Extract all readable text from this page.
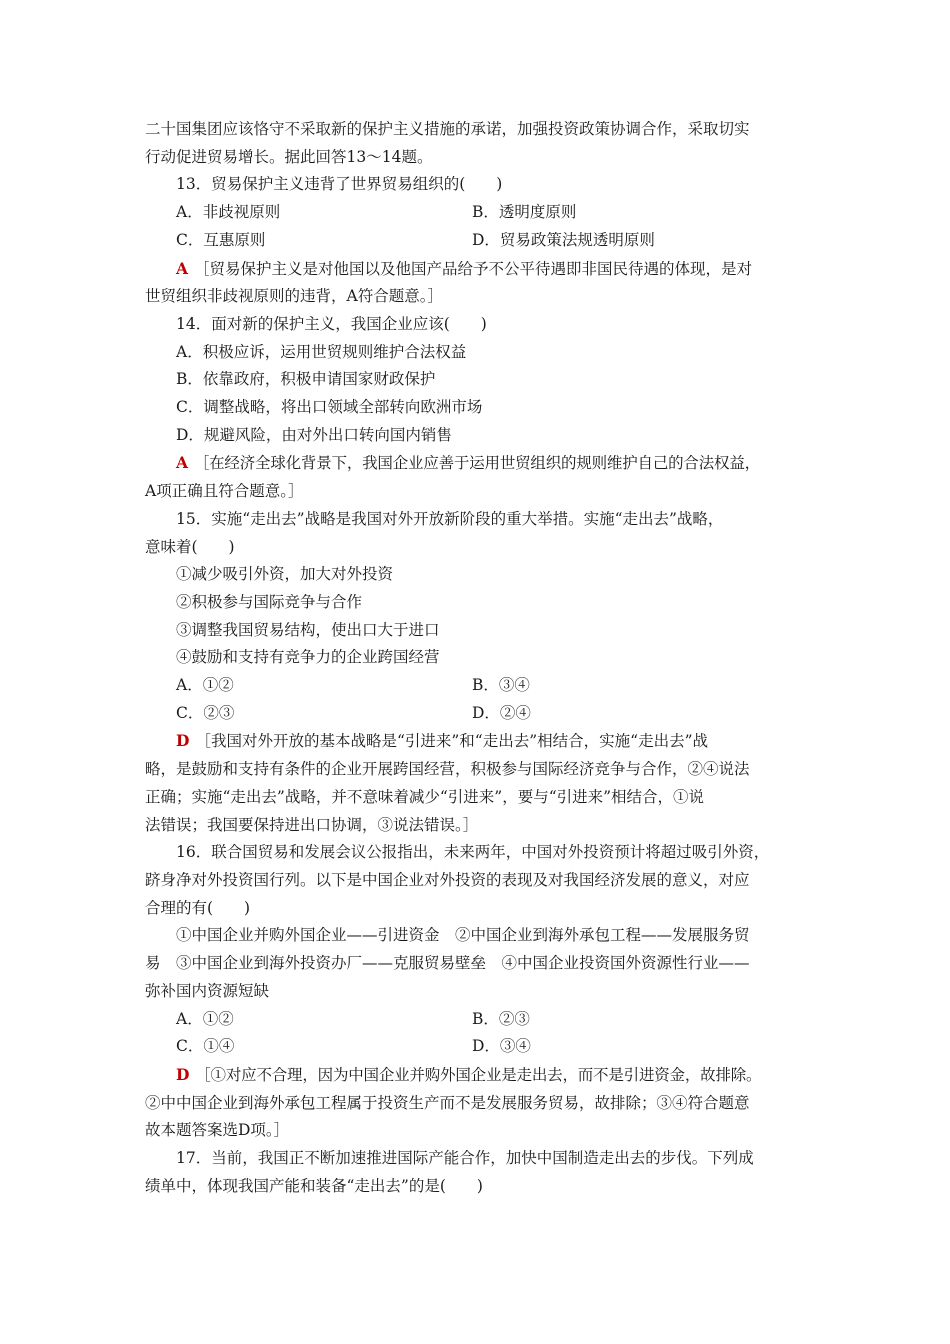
二十国集团应该恪守不采取新的保护主义措施的承诺，加强投资政策协调合作，采取切实
行动促进贸易增长。据此回答13～14题。
13．贸易保护主义违背了世界贸易组织的(　　)
A．非歧视原则	B．透明度原则
C．互惠原则	D．贸易政策法规透明原则
A ［贸易保护主义是对他国以及他国产品给予不公平待遇即非国民待遇的体现，是对
世贸组织非歧视原则的违背，A符合题意。］
14．面对新的保护主义，我国企业应该(　　)
A．积极应诉，运用世贸规则维护合法权益
B．依靠政府，积极申请国家财政保护
C．调整战略，将出口领域全部转向欧洲市场
D．规避风险，由对外出口转向国内销售
A ［在经济全球化背景下，我国企业应善于运用世贸组织的规则维护自己的合法权益，
A项正确且符合题意。］
15．实施“走出去”战略是我国对外开放新阶段的重大举措。实施“走出去”战略，
意味着(　　)
①减少吸引外资，加大对外投资
②积极参与国际竞争与合作
③调整我国贸易结构，使出口大于进口
④鼓励和支持有竞争力的企业跨国经营
A．①②	B．③④
C．②③	D．②④
D ［我国对外开放的基本战略是“引进来”和“走出去”相结合，实施“走出去”战
略，是鼓励和支持有条件的企业开展跨国经营，积极参与国际经济竞争与合作，②④说法
正确；实施“走出去”战略，并不意味着减少“引进来”，要与“引进来”相结合，①说
法错误；我国要保持进出口协调，③说法错误。］
16．联合国贸易和发展会议公报指出，未来两年，中国对外投资预计将超过吸引外资，
跻身净对外投资国行列。以下是中国企业对外投资的表现及对我国经济发展的意义，对应
合理的有(　　)
①中国企业并购外国企业——引进资金　②中国企业到海外承包工程——发展服务贸
易　③中国企业到海外投资办厂——克服贸易壁垒　④中国企业投资国外资源性行业——
弥补国内资源短缺
A．①②	B．②③
C．①④	D．③④
D ［①对应不合理，因为中国企业并购外国企业是走出去，而不是引进资金，故排除。
②中中国企业到海外承包工程属于投资生产而不是发展服务贸易，故排除；③④符合题意
故本题答案选D项。］
17．当前，我国正不断加速推进国际产能合作，加快中国制造走出去的步伐。下列成
绩单中，体现我国产能和装备“走出去”的是(　　)
